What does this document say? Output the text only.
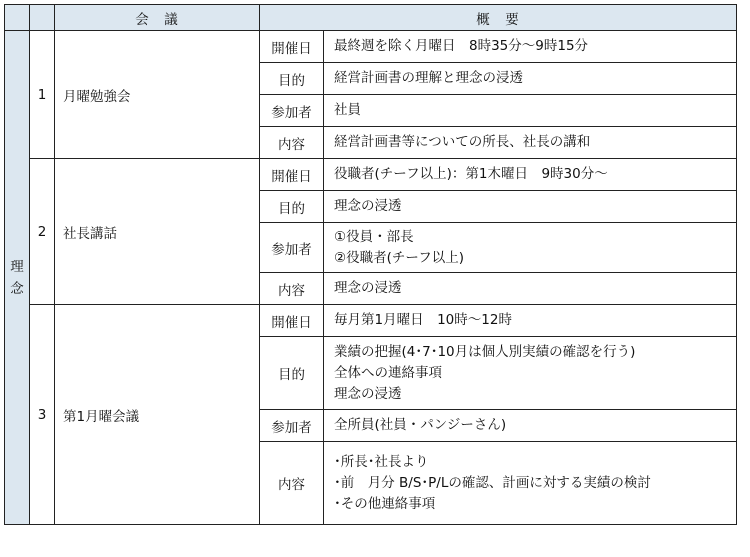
		会　議	概　要	

理
念	1	月曜勉強会	開催日	最終週を除く月曜日　8時35分～9時15分

			目的	経営計画書の理解と理念の浸透

			参加者	社員

			内容	経営計画書等についての所長、社長の講和

	2	社長講話	開催日	役職者(チーフ以上)：第1木曜日　9時30分～

			目的	理念の浸透

			参加者	①役員・部長
②役職者(チーフ以上)

			内容	理念の浸透

	3	第1月曜会議	開催日	毎月第1月曜日　10時～12時

			目的	業績の把握(4･7･10月は個人別実績の確認を行う)
全体への連絡事項
理念の浸透

			参加者	全所員(社員・パンジーさん)

			内容	･所長･社長より
･前　月分 B/S･P/Lの確認、計画に対する実績の検討
･その他連絡事項
